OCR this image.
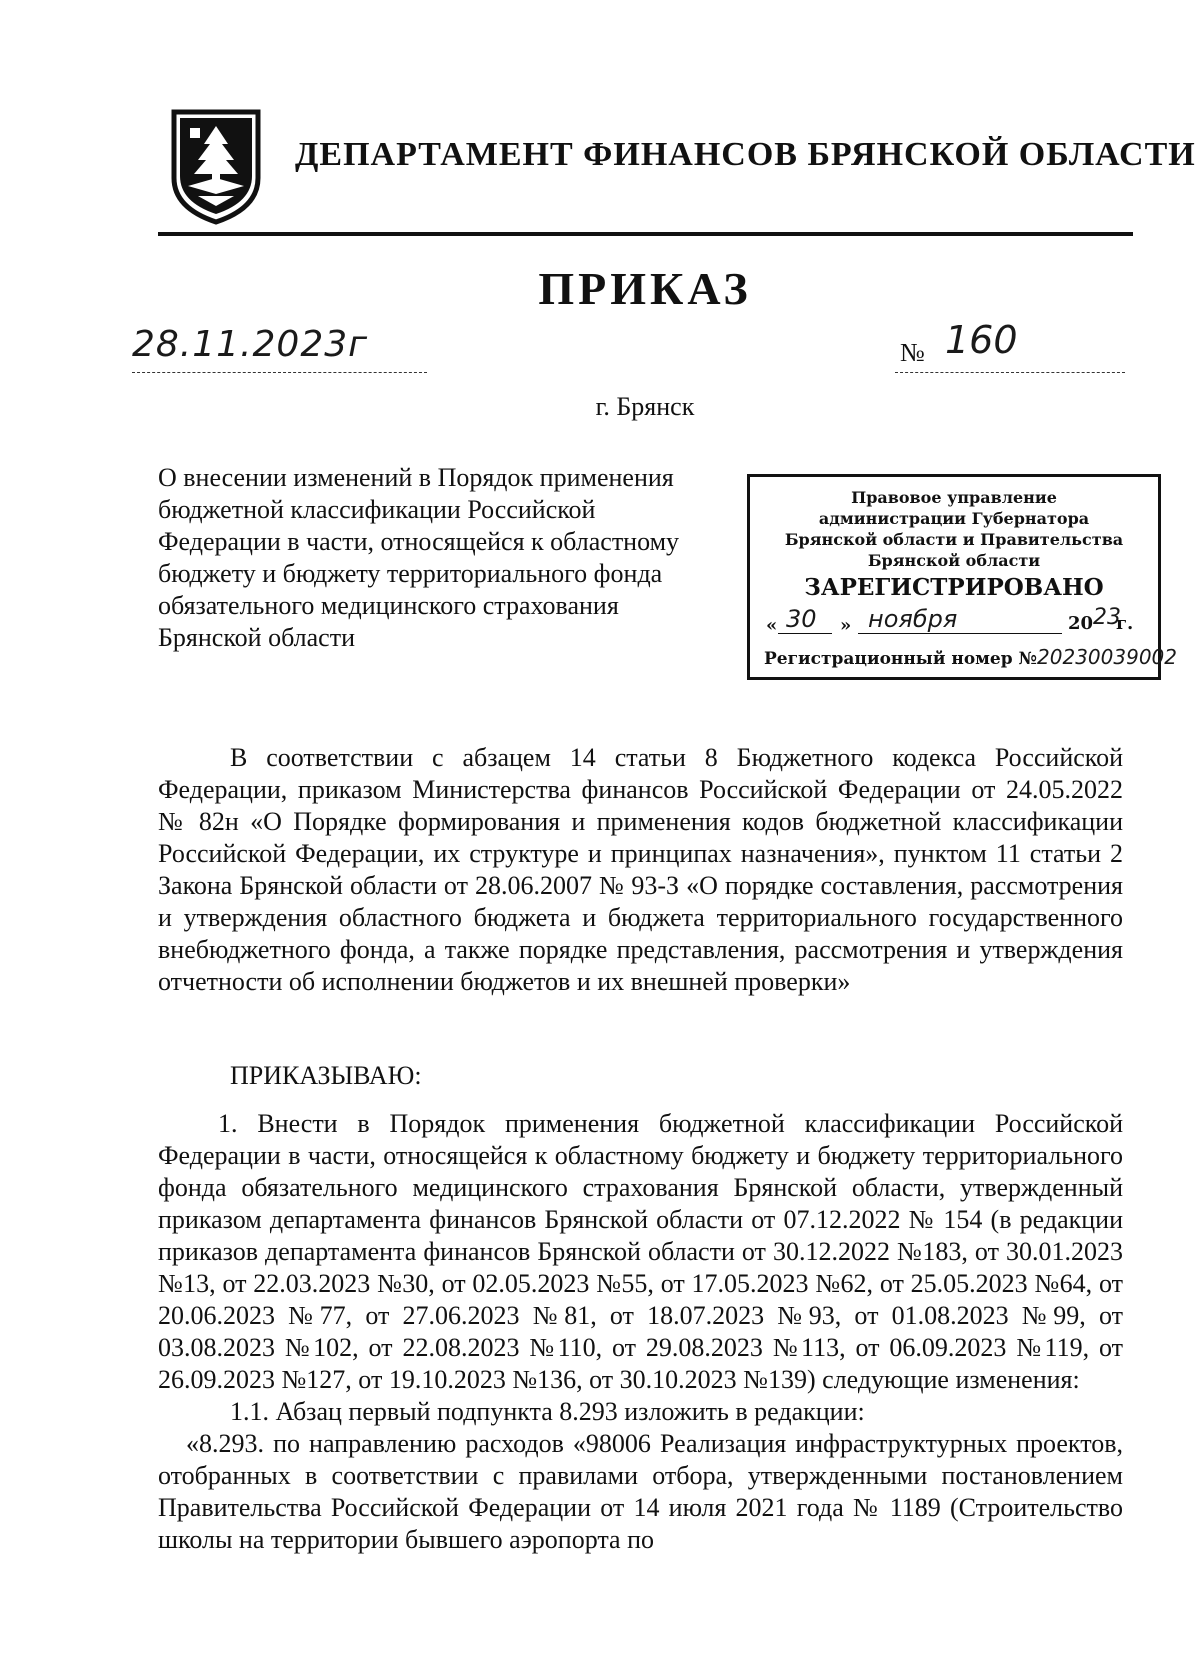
ДЕПАРТАМЕНТ ФИНАНСОВ БРЯНСКОЙ ОБЛАСТИ
ПРИКАЗ
28.11.2023г	№ 160
г. Брянск
О внесении изменений в Порядок применения бюджетной классификации Российской Федерации в части, относящейся к областному бюджету и бюджету территориального фонда обязательного медицинского страхования Брянской области
Правовое управление
администрации Губернатора
Брянской области и Правительства
Брянской области
ЗАРЕГИСТРИРОВАНО
« 30 » ноября	20 23
г.
Регистрационный номер №20230039002
В соответствии с абзацем 14 статьи 8 Бюджетного кодекса Российской Федерации, приказом Министерства финансов Российской Федерации от 24.05.2022 № 82н «О Порядке формирования и применения кодов бюджетной классификации Российской Федерации, их структуре и принципах назначения», пунктом 11 статьи 2 Закона Брянской области от 28.06.2007 № 93-З «О порядке составления, рассмотрения и утверждения областного бюджета и бюджета территориального государственного внебюджетного фонда, а также порядке представления, рассмотрения и утверждения отчетности об исполнении бюджетов и их внешней проверки»
ПРИКАЗЫВАЮ:
1. Внести в Порядок применения бюджетной классификации Российской Федерации в части, относящейся к областному бюджету и бюджету территориального фонда обязательного медицинского страхования Брянской области, утвержденный приказом департамента финансов Брянской области от 07.12.2022 № 154 (в редакции приказов департамента финансов Брянской области от 30.12.2022 №183, от 30.01.2023 №13, от 22.03.2023 №30, от 02.05.2023 №55, от 17.05.2023 №62, от 25.05.2023 №64, от 20.06.2023 №77, от 27.06.2023 №81, от 18.07.2023 №93, от 01.08.2023 №99, от 03.08.2023 №102, от 22.08.2023 №110, от 29.08.2023 №113, от 06.09.2023 №119, от 26.09.2023 №127, от 19.10.2023 №136, от 30.10.2023 №139) следующие изменения:
1.1. Абзац первый подпункта 8.293 изложить в редакции:
«8.293. по направлению расходов «98006 Реализация инфраструктурных проектов, отобранных в соответствии с правилами отбора, утвержденными постановлением Правительства Российской Федерации от 14 июля 2021 года № 1189 (Строительство школы на территории бывшего аэропорта по
